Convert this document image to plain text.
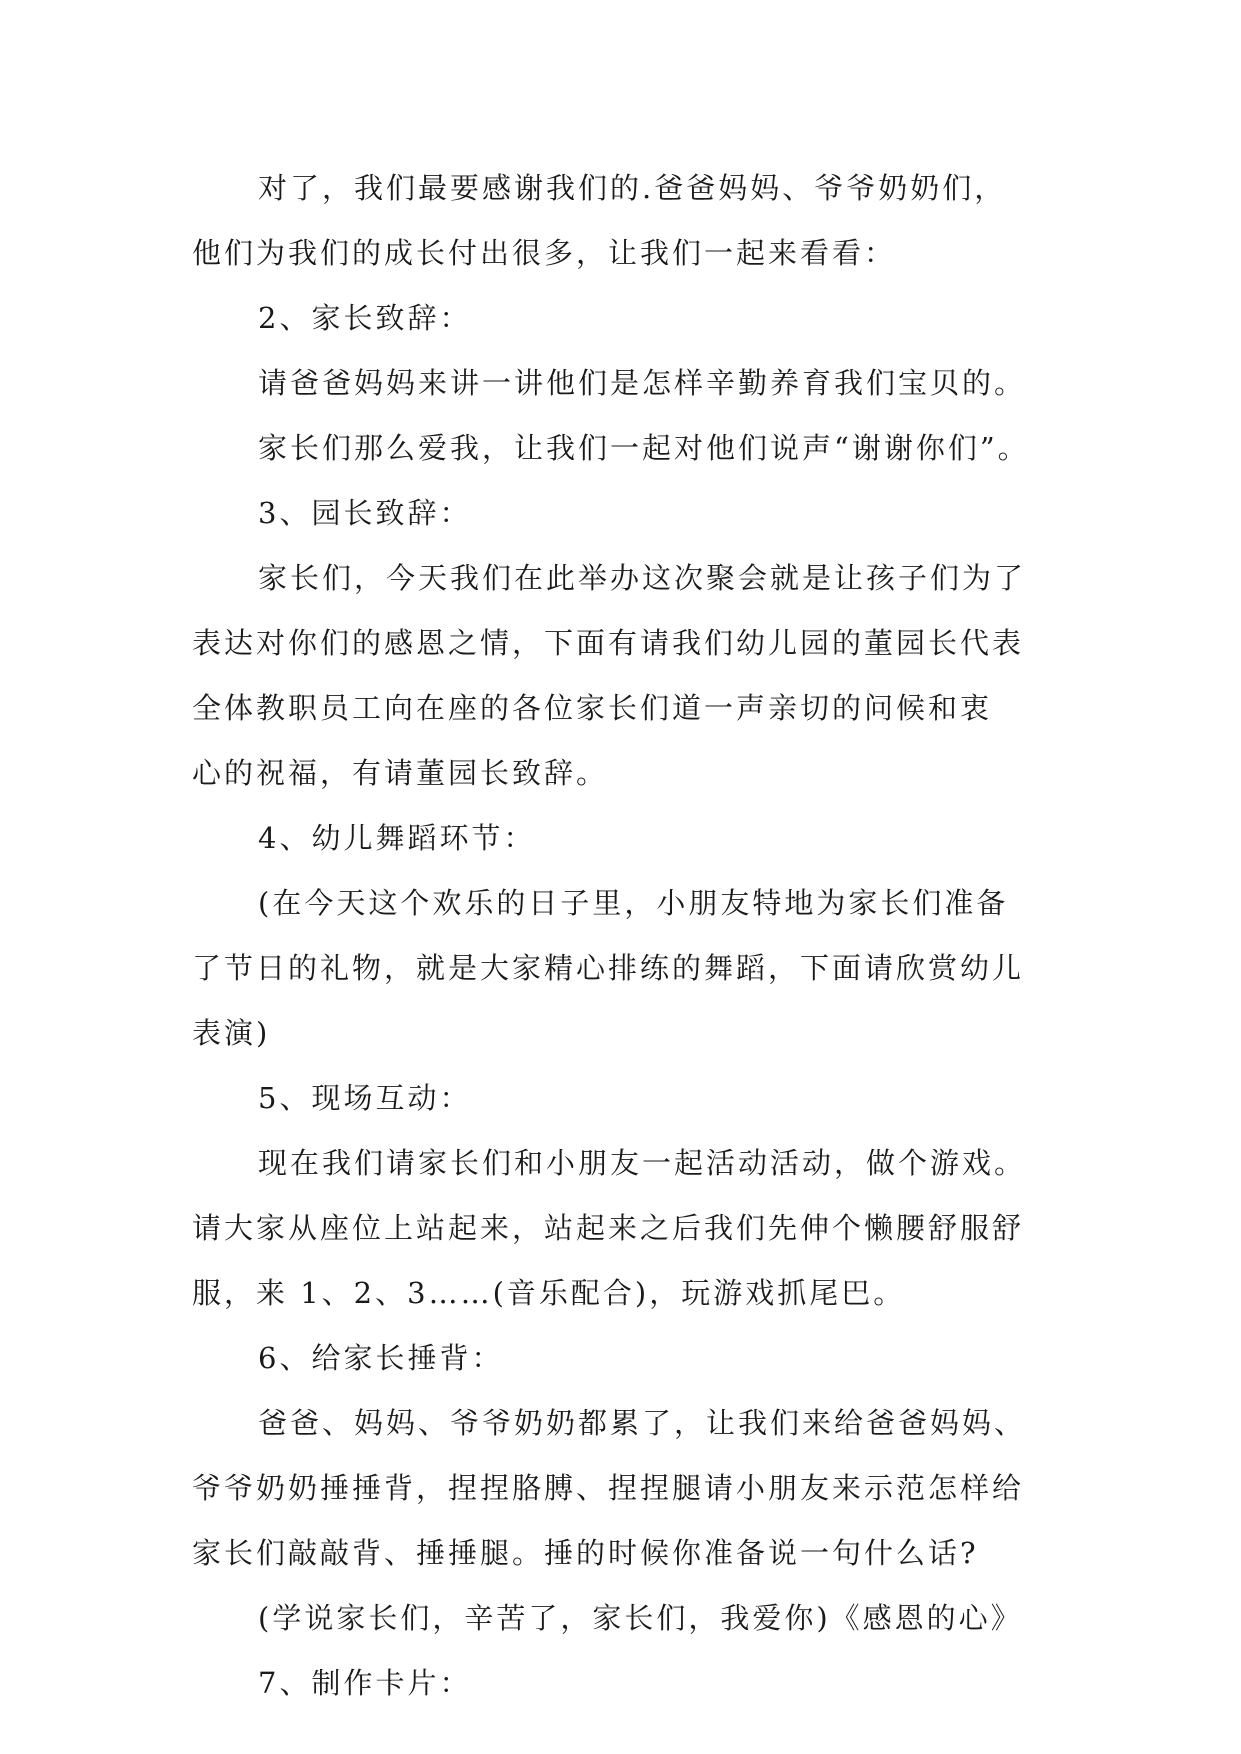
对了，我们最要感谢我们的.爸爸妈妈、爷爷奶奶们，
他们为我们的成长付出很多，让我们一起来看看：
2、家长致辞：
请爸爸妈妈来讲一讲他们是怎样辛勤养育我们宝贝的。
家长们那么爱我，让我们一起对他们说声“谢谢你们”。
3、园长致辞：
家长们，今天我们在此举办这次聚会就是让孩子们为了
表达对你们的感恩之情，下面有请我们幼儿园的董园长代表
全体教职员工向在座的各位家长们道一声亲切的问候和衷
心的祝福，有请董园长致辞。
4、幼儿舞蹈环节：
(在今天这个欢乐的日子里，小朋友特地为家长们准备
了节日的礼物，就是大家精心排练的舞蹈，下面请欣赏幼儿
表演)
5、现场互动：
现在我们请家长们和小朋友一起活动活动，做个游戏。
请大家从座位上站起来，站起来之后我们先伸个懒腰舒服舒
服，来 1、2、3……(音乐配合)，玩游戏抓尾巴。
6、给家长捶背：
爸爸、妈妈、爷爷奶奶都累了，让我们来给爸爸妈妈、
爷爷奶奶捶捶背，捏捏胳膊、捏捏腿请小朋友来示范怎样给
家长们敲敲背、捶捶腿。捶的时候你准备说一句什么话?
(学说家长们，辛苦了，家长们，我爱你)《感恩的心》
7、制作卡片：
